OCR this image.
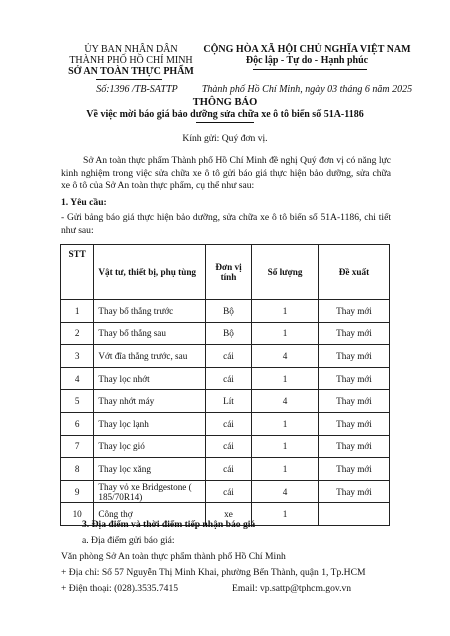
ỦY BAN NHÂN DÂN
THÀNH PHỐ HỒ CHÍ MINH
SỞ AN TOÀN THỰC PHẨM
Số:1396 /TB-SATTP
CỘNG HÒA XÃ HỘI CHỦ NGHĨA VIỆT NAM
Độc lập - Tự do - Hạnh phúc
Thành phố Hồ Chí Minh, ngày 03 tháng 6 năm 2025
THÔNG BÁO
Về việc mời báo giá bảo dưỡng sửa chữa xe ô tô biển số 51A-1186
Kính gửi: Quý đơn vị.
Sở An toàn thực phẩm Thành phố Hồ Chí Minh đề nghị Quý đơn vị có năng lực kinh nghiệm trong việc sửa chữa xe ô tô gửi báo giá thực hiện bảo dưỡng, sửa chữa xe ô tô của Sở An toàn thực phẩm, cụ thể như sau:
1. Yêu cầu:
- Gửi bảng báo giá thực hiện bảo dưỡng, sửa chữa xe ô tô biển số 51A-1186, chi tiết như sau:
STT	Vật tư, thiết bị, phụ tùng	Đơn vị tính	Số lượng	Đề xuất
1	Thay bố thắng trước	Bộ	1	Thay mới
2	Thay bố thắng sau	Bộ	1	Thay mới
3	Vớt đĩa thắng trước, sau	cái	4	Thay mới
4	Thay lọc nhớt	cái	1	Thay mới
5	Thay nhớt máy	Lít	4	Thay mới
6	Thay lọc lạnh	cái	1	Thay mới
7	Thay lọc gió	cái	1	Thay mới
8	Thay lọc xăng	cái	1	Thay mới
9	Thay vỏ xe Bridgestone ( 185/70R14)	cái	4	Thay mới
10	Công thợ	xe	1	
3. Địa điểm và thời điểm tiếp nhận báo giá
a. Địa điểm gửi báo giá:
Văn phòng Sở An toàn thực phẩm thành phố Hồ Chí Minh
+ Địa chỉ: Số 57 Nguyễn Thị Minh Khai, phường Bến Thành, quận 1, Tp.HCM
+ Điện thoại: (028).3535.7415	Email: vp.sattp@tphcm.gov.vn
